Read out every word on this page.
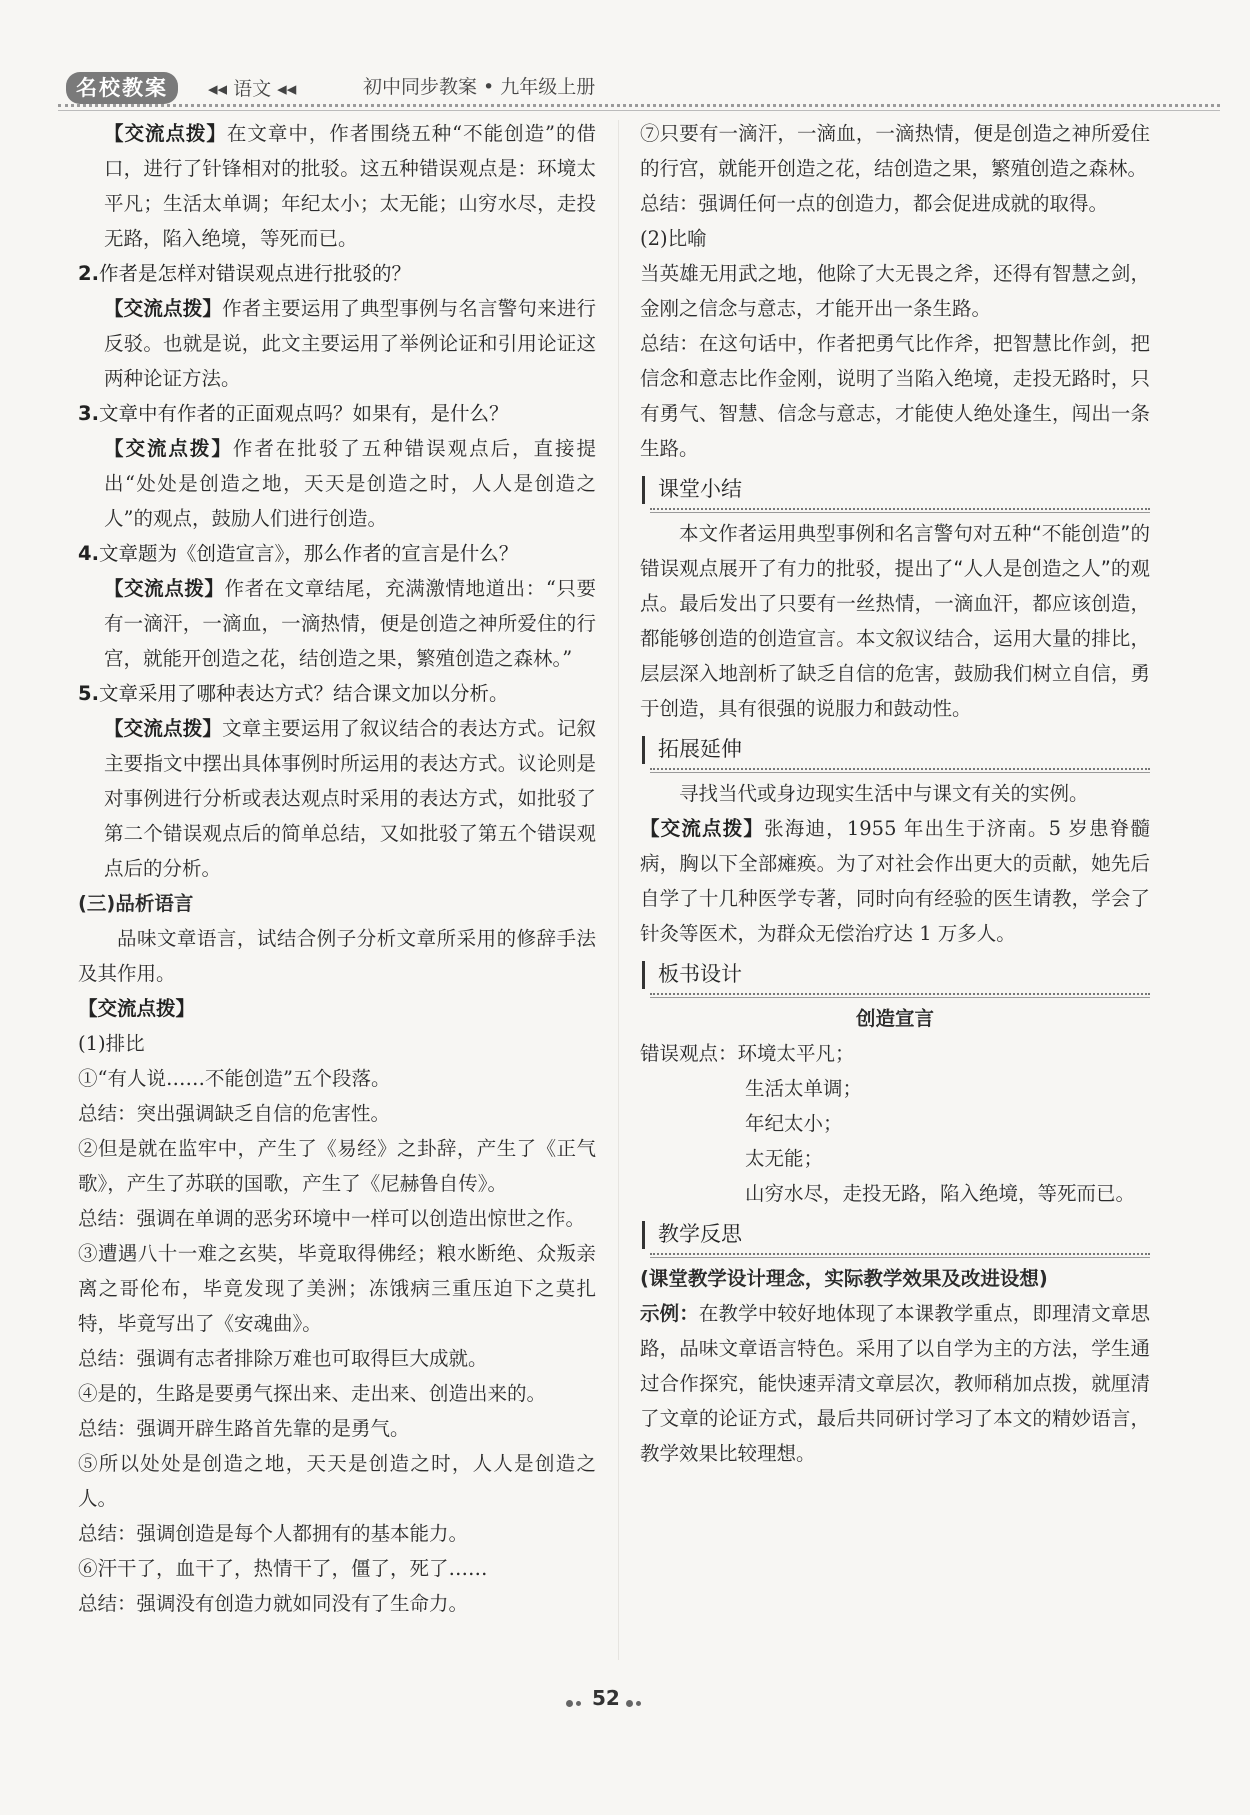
名校教案	◂◂ 语文 ◂◂	初中同步教案 • 九年级上册

【交流点拨】在文章中，作者围绕五种“不能创造”的借口，进行了针锋相对的批驳。这五种错误观点是：环境太平凡；生活太单调；年纪太小；太无能；山穷水尽，走投无路，陷入绝境，等死而已。

2.作者是怎样对错误观点进行批驳的？

【交流点拨】作者主要运用了典型事例与名言警句来进行反驳。也就是说，此文主要运用了举例论证和引用论证这两种论证方法。

3.文章中有作者的正面观点吗？如果有，是什么？

【交流点拨】作者在批驳了五种错误观点后，直接提出“处处是创造之地，天天是创造之时，人人是创造之人”的观点，鼓励人们进行创造。

4.文章题为《创造宣言》，那么作者的宣言是什么？

【交流点拨】作者在文章结尾，充满激情地道出：“只要有一滴汗，一滴血，一滴热情，便是创造之神所爱住的行宫，就能开创造之花，结创造之果，繁殖创造之森林。”

5.文章采用了哪种表达方式？结合课文加以分析。

【交流点拨】文章主要运用了叙议结合的表达方式。记叙主要指文中摆出具体事例时所运用的表达方式。议论则是对事例进行分析或表达观点时采用的表达方式，如批驳了第二个错误观点后的简单总结，又如批驳了第五个错误观点后的分析。

(三)品析语言

品味文章语言，试结合例子分析文章所采用的修辞手法及其作用。

【交流点拨】

(1)排比

①“有人说……不能创造”五个段落。

总结：突出强调缺乏自信的危害性。

②但是就在监牢中，产生了《易经》之卦辞，产生了《正气歌》，产生了苏联的国歌，产生了《尼赫鲁自传》。

总结：强调在单调的恶劣环境中一样可以创造出惊世之作。

③遭遇八十一难之玄奘，毕竟取得佛经；粮水断绝、众叛亲离之哥伦布，毕竟发现了美洲；冻饿病三重压迫下之莫扎特，毕竟写出了《安魂曲》。

总结：强调有志者排除万难也可取得巨大成就。

④是的，生路是要勇气探出来、走出来、创造出来的。

总结：强调开辟生路首先靠的是勇气。

⑤所以处处是创造之地，天天是创造之时，人人是创造之人。

总结：强调创造是每个人都拥有的基本能力。

⑥汗干了，血干了，热情干了，僵了，死了……

总结：强调没有创造力就如同没有了生命力。

⑦只要有一滴汗，一滴血，一滴热情，便是创造之神所爱住的行宫，就能开创造之花，结创造之果，繁殖创造之森林。

总结：强调任何一点的创造力，都会促进成就的取得。

(2)比喻

当英雄无用武之地，他除了大无畏之斧，还得有智慧之剑，金刚之信念与意志，才能开出一条生路。

总结：在这句话中，作者把勇气比作斧，把智慧比作剑，把信念和意志比作金刚，说明了当陷入绝境，走投无路时，只有勇气、智慧、信念与意志，才能使人绝处逢生，闯出一条生路。

课堂小结

本文作者运用典型事例和名言警句对五种“不能创造”的错误观点展开了有力的批驳，提出了“人人是创造之人”的观点。最后发出了只要有一丝热情，一滴血汗，都应该创造，都能够创造的创造宣言。本文叙议结合，运用大量的排比，层层深入地剖析了缺乏自信的危害，鼓励我们树立自信，勇于创造，具有很强的说服力和鼓动性。

拓展延伸

寻找当代或身边现实生活中与课文有关的实例。

【交流点拨】张海迪，1955 年出生于济南。5 岁患脊髓病，胸以下全部瘫痪。为了对社会作出更大的贡献，她先后自学了十几种医学专著，同时向有经验的医生请教，学会了针灸等医术，为群众无偿治疗达 1 万多人。

板书设计

创造宣言

错误观点：环境太平凡；

生活太单调；

年纪太小；

太无能；

山穷水尽，走投无路，陷入绝境，等死而已。

教学反思

(课堂教学设计理念，实际教学效果及改进设想)

示例：在教学中较好地体现了本课教学重点，即理清文章思路，品味文章语言特色。采用了以自学为主的方法，学生通过合作探究，能快速弄清文章层次，教师稍加点拨，就厘清了文章的论证方式，最后共同研讨学习了本文的精妙语言，教学效果比较理想。

52
